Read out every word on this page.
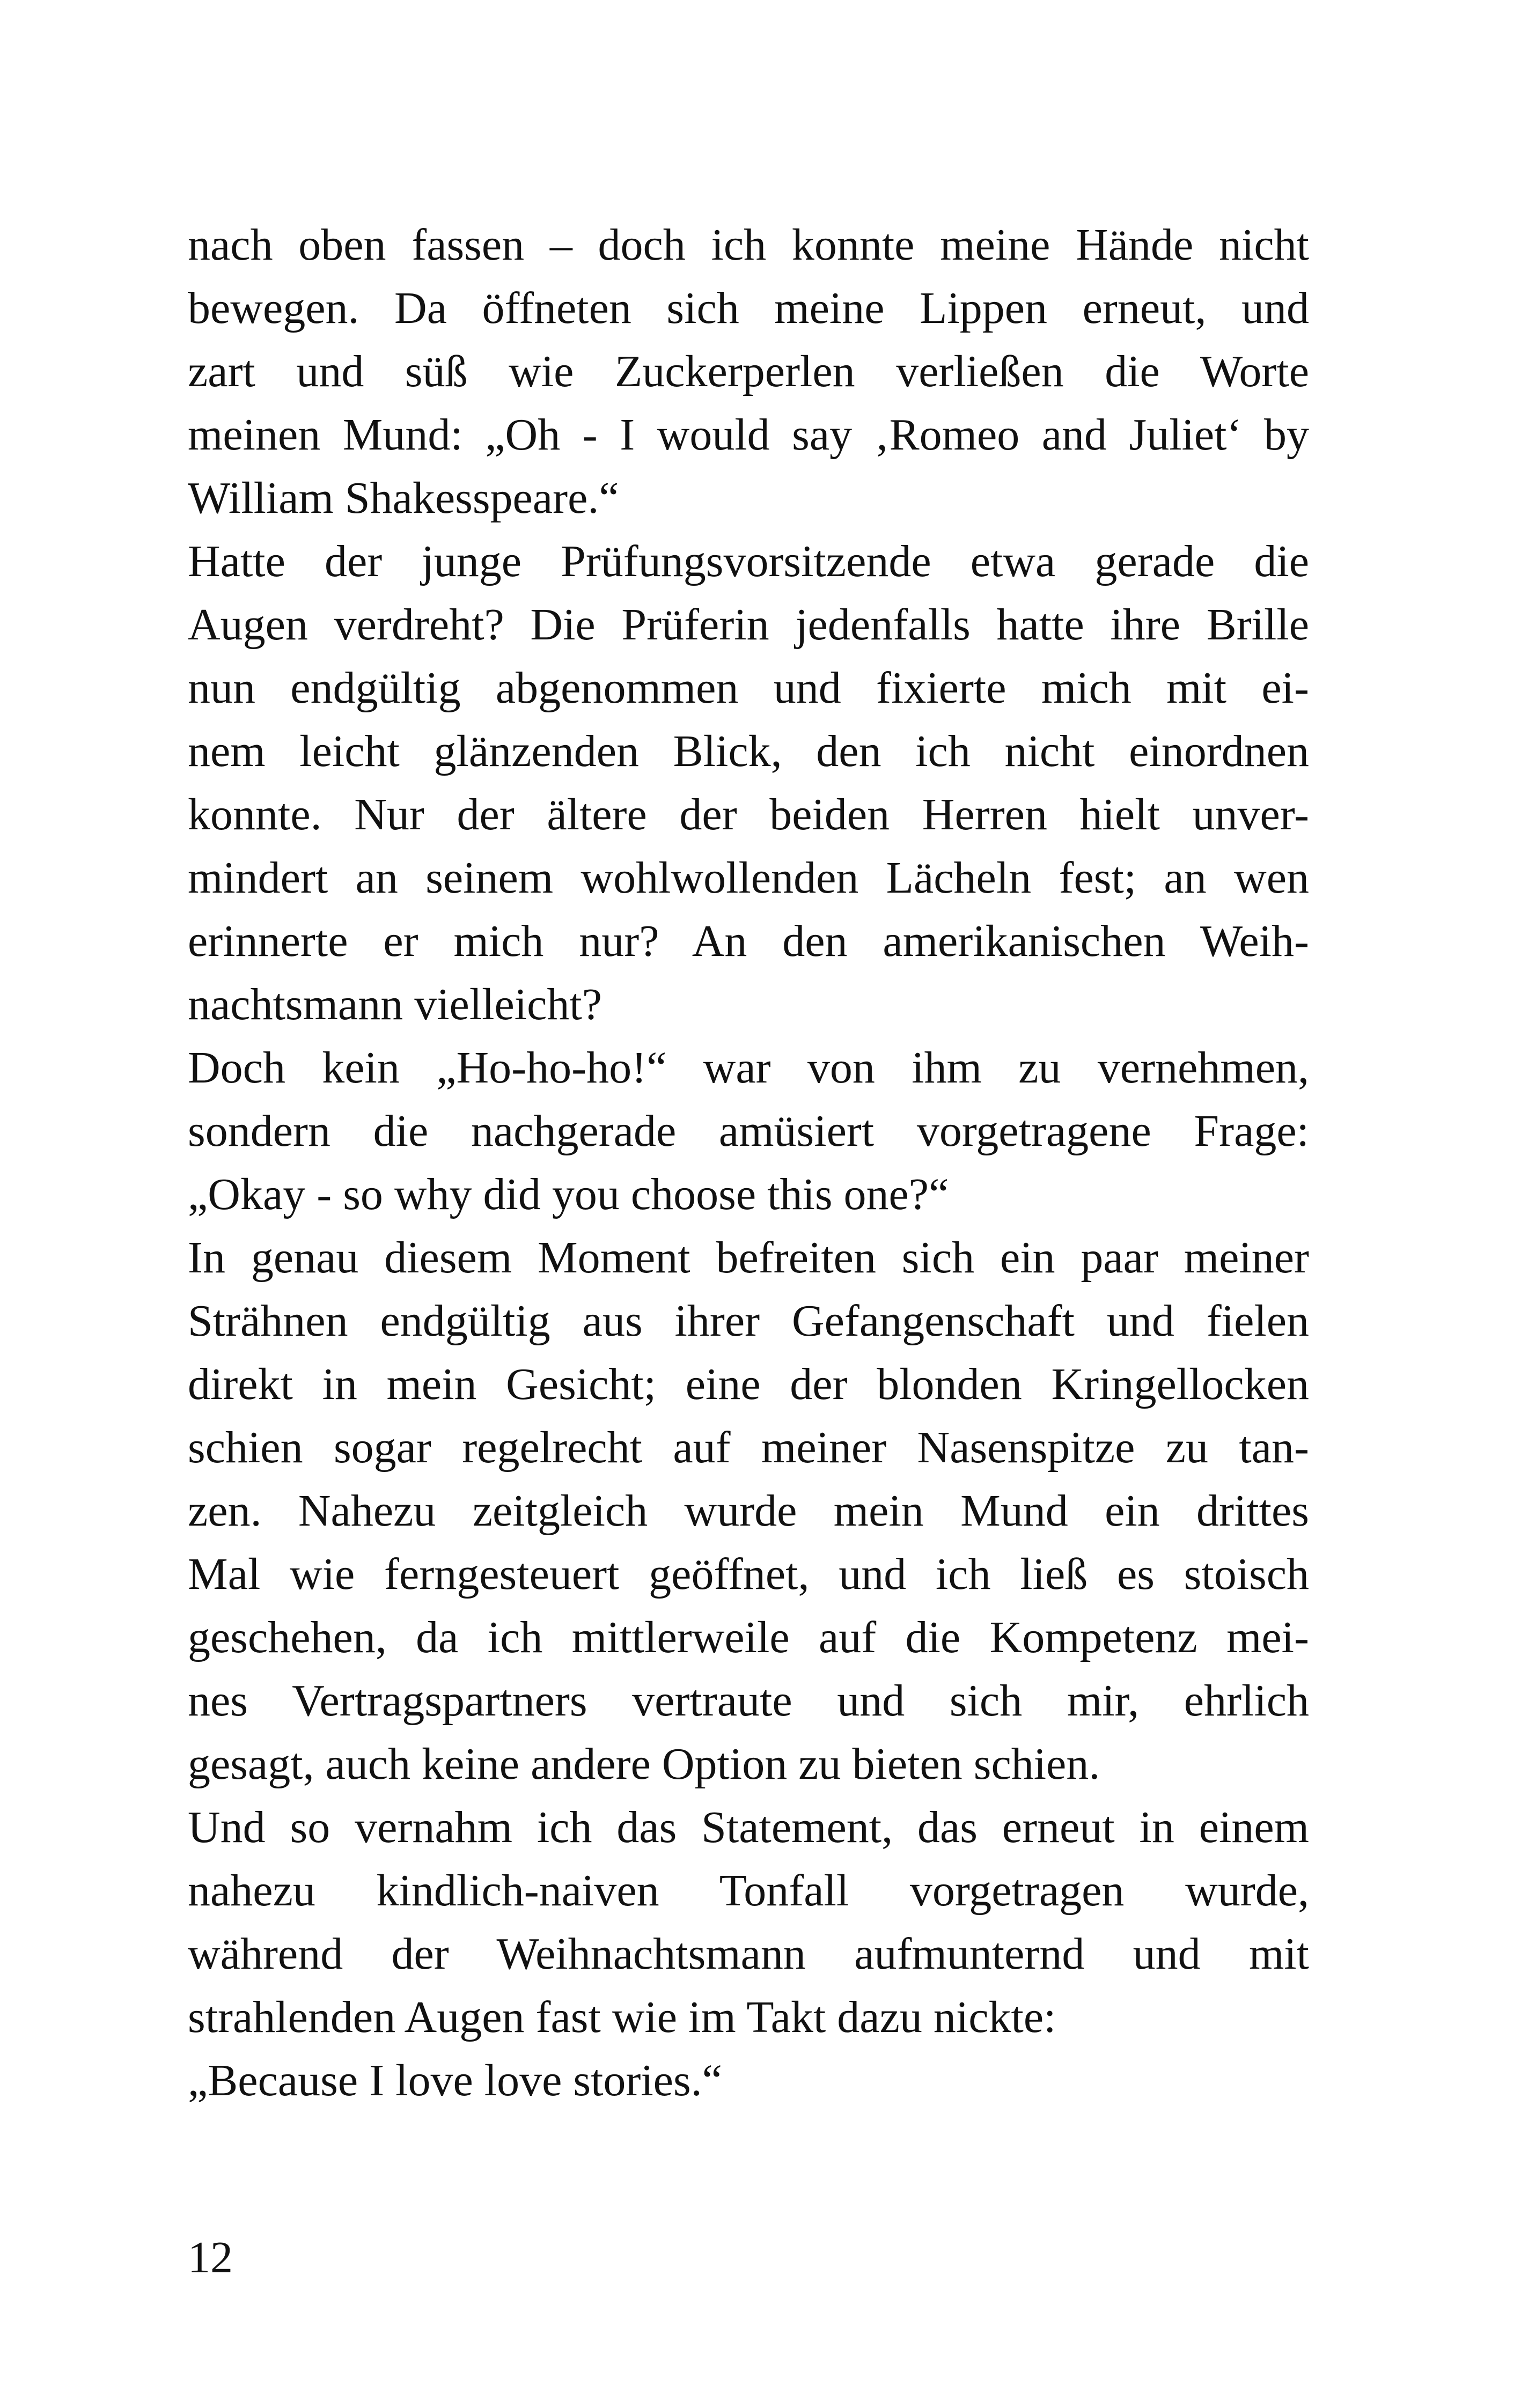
nach oben fassen – doch ich konnte meine Hände nicht
bewegen. Da öffneten sich meine Lippen erneut, und
zart und süß wie Zuckerperlen verließen die Worte
meinen Mund: „Oh - I would say ‚Romeo and Juliet‘ by
William Shakesspeare.“
Hatte der junge Prüfungsvorsitzende etwa gerade die
Augen verdreht? Die Prüferin jedenfalls hatte ihre Brille
nun endgültig abgenommen und fixierte mich mit ei-
nem leicht glänzenden Blick, den ich nicht einordnen
konnte. Nur der ältere der beiden Herren hielt unver-
mindert an seinem wohlwollenden Lächeln fest; an wen
erinnerte er mich nur? An den amerikanischen Weih-
nachtsmann vielleicht?
Doch kein „Ho-ho-ho!“ war von ihm zu vernehmen,
sondern die nachgerade amüsiert vorgetragene Frage:
„Okay - so why did you choose this one?“
In genau diesem Moment befreiten sich ein paar meiner
Strähnen endgültig aus ihrer Gefangenschaft und fielen
direkt in mein Gesicht; eine der blonden Kringellocken
schien sogar regelrecht auf meiner Nasenspitze zu tan-
zen. Nahezu zeitgleich wurde mein Mund ein drittes
Mal wie ferngesteuert geöffnet, und ich ließ es stoisch
geschehen, da ich mittlerweile auf die Kompetenz mei-
nes Vertragspartners vertraute und sich mir, ehrlich
gesagt, auch keine andere Option zu bieten schien.
Und so vernahm ich das Statement, das erneut in einem
nahezu kindlich-naiven Tonfall vorgetragen wurde,
während der Weihnachtsmann aufmunternd und mit
strahlenden Augen fast wie im Takt dazu nickte:
„Because I love love stories.“
12
